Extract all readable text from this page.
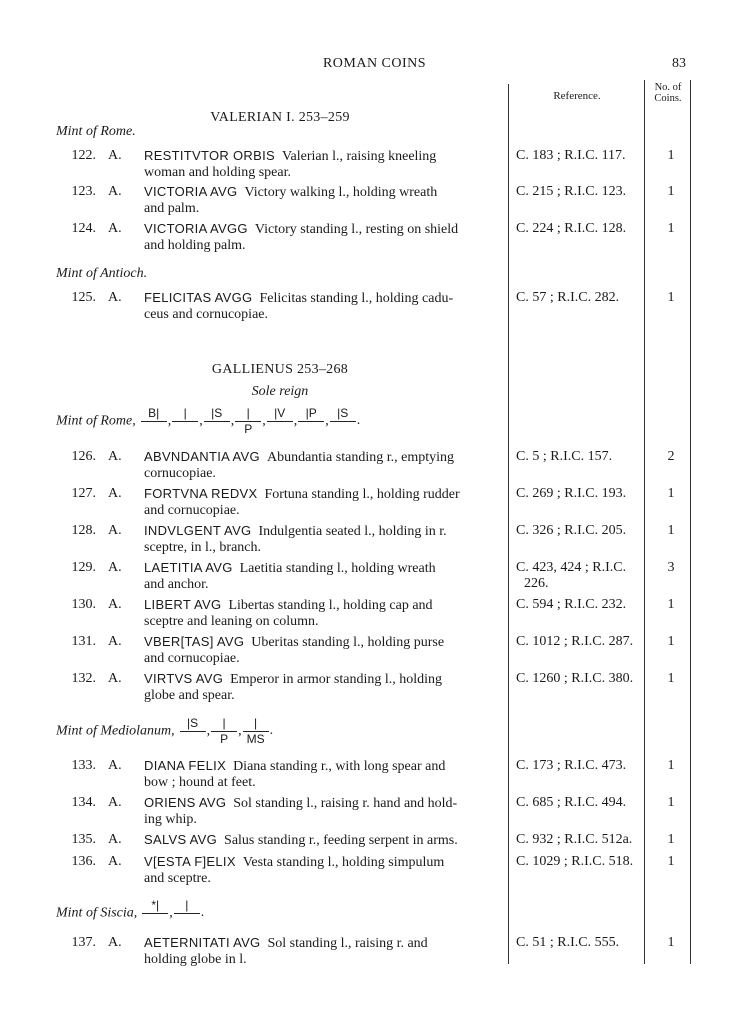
ROMAN COINS	83
Reference.
No. of
Coins.
VALERIAN I. 253–259
Mint of Rome.
Mint of Antioch.
GALLIENUS 253–268
Sole reign
Mint of Rome,
B| ,	| , |S ,	|
P
, |V , |P , |S .
Mint of Mediolanum,
|S ,	|
P
,	|
MS
.
Mint of Siscia,
*| ,	| .
122. A. RESTITVTOR ORBIS Valerian l., raising kneeling
woman and holding spear.
C. 183 ; R.I.C. 117.	1
123. A. VICTORIA AVG Victory walking l., holding wreath
and palm.
C. 215 ; R.I.C. 123.	1
124. A. VICTORIA AVGG Victory standing l., resting on shield
and holding palm.
C. 224 ; R.I.C. 128.	1
125. A. FELICITAS AVGG Felicitas standing l., holding cadu-
ceus and cornucopiae.
C. 57 ; R.I.C. 282.	1
126. A. ABVNDANTIA AVG Abundantia standing r., emptying
cornucopiae.
C. 5 ; R.I.C. 157.	2
127. A. FORTVNA REDVX Fortuna standing l., holding rudder
and cornucopiae.
C. 269 ; R.I.C. 193.	1
128. A. INDVLGENT AVG Indulgentia seated l., holding in r.
sceptre, in l., branch.
C. 326 ; R.I.C. 205.	1
129. A. LAETITIA AVG Laetitia standing l., holding wreath
and anchor.
C. 423, 424 ; R.I.C.
226.
3
130. A. LIBERT AVG Libertas standing l., holding cap and
sceptre and leaning on column.
C. 594 ; R.I.C. 232.	1
131. A. VBER[TAS] AVG Uberitas standing l., holding purse
and cornucopiae.
C. 1012 ; R.I.C. 287.	1
132. A. VIRTVS AVG Emperor in armor standing l., holding
globe and spear.
C. 1260 ; R.I.C. 380.	1
133. A. DIANA FELIX Diana standing r., with long spear and
bow ; hound at feet.
C. 173 ; R.I.C. 473.	1
134. A. ORIENS AVG Sol standing l., raising r. hand and hold-
ing whip.
C. 685 ; R.I.C. 494.	1
135. A. SALVS AVG Salus standing r., feeding serpent in arms.	C. 932 ; R.I.C. 512a.	1
136. A. V[ESTA F]ELIX Vesta standing l., holding simpulum
and sceptre.
C. 1029 ; R.I.C. 518.	1
137. A. AETERNITATI AVG Sol standing l., raising r. and
holding globe in l.
C. 51 ; R.I.C. 555.	1
